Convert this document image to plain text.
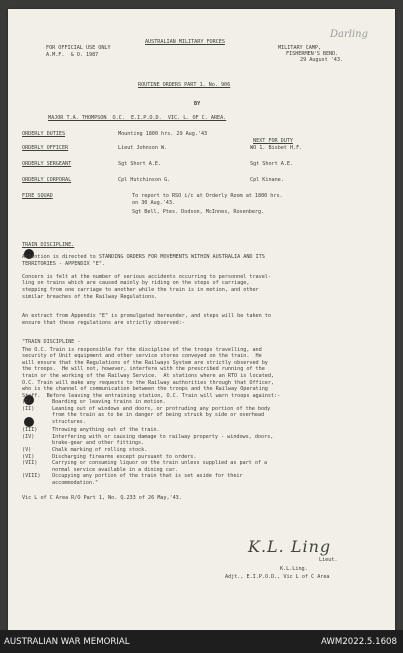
FOR OFFICIAL USE ONLY
A.M.F.  & O. 1987
AUSTRALIAN MILITARY FORCES
MILITARY CAMP,
FISHERMEN'S BEND.
29 August '43.
Darling
ROUTINE ORDERS PART 1. No. 906
BY
MAJOR T.A. THOMPSON  O.C.  E.I.P.O.D.  VIC. L. OF C. AREA.
ORDERLY DUTIES	Mounting 1800 hrs. 29 Aug.'43
NEXT FOR DUTY
ORDERLY OFFICER	Lieut Johnson W.	WO 1. Bisbet H.F.
ORDERLY SERGEANT	Sgt Short A.E.	Sgt Short A.E.
ORDERLY CORPORAL	Cpl Hutchinson G.	Cpl Kinane.
FIRE SQUAD	To report to RSO i/c at Orderly Room at 1800 hrs.
on 30 Aug.'43.
Sgt Bell, Ptes. Dodson, McInnes, Rosenberg.
TRAIN DISCIPLINE.
Attention is directed to STANDING ORDERS FOR MOVEMENTS WITHIN AUSTRALIA AND ITS
TERRITORIES - APPENDIX "E".
Concern is felt at the number of serious accidents occurring to personnel travel-
ling on trains which are caused mainly by riding on the steps of carriage,
stepping from one carriage to another while the train is in motion, and other
similar breaches of the Railway Regulations.
An extract from Appendix "E" is promulgated hereunder, and steps will be taken to
ensure that these regulations are strictly observed:-
"TRAIN DISCIPLINE -
The O.C. Train is responsible for the discipline of the troops travelling, and
security of Unit equipment and other service stores conveyed on the train.  He
will ensure that the Regulations of the Railways System are strictly observed by
the troops.  He will not, however, interfere with the prescribed running of the
train or the working of the Railway Service.  At stations where an RTO is located,
O.C. Train will make any requests to the Railway authorities through that Officer,
who is the channel of communication between the troops and the Railway Operating
Staff.  Before leaving the entraining station, O.C. Train will warn troops against:-
(I)	Boarding or leaving trains in motion.
(II)	Leaning out of windows and doors, or protruding any portion of the body
from the train as to be in danger of being struck by side or overhead
structures.
(III)	Throwing anything out of the train.
(IV)	Interfering with or causing damage to railway property - windows, doors,
brake-gear and other fittings.
(V)	Chalk marking of rolling stock.
(VI)	Discharging firearms except pursuant to orders.
(VII)	Carrying or consuming liquor on the train unless supplied as part of a
normal service available in a dining car.
(VIII) Occupying any portion of the train that is set aside for their
accommodation."
Vic L of C Area R/O Part 1, No. Q.233 of 26 May,'43.
K.L. Ling
Lieut.
K.L.Ling.
Adjt., E.I.P.O.D., Vic L of C Area
AUSTRALIAN WAR MEMORIAL	AWM2022.5.1608
